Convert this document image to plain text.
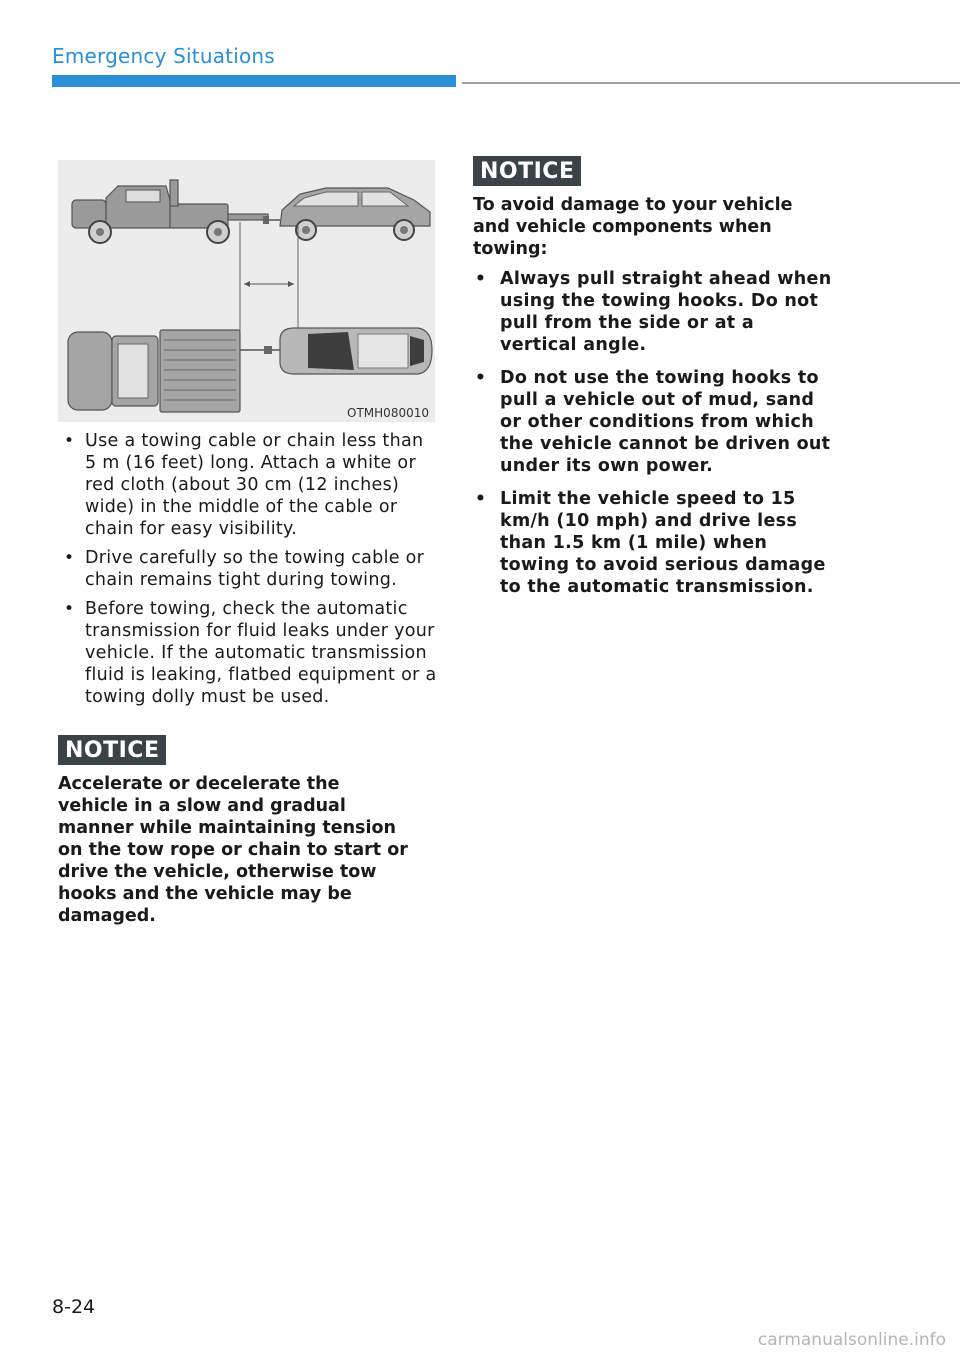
Emergency Situations
OTMH080010
• Use a towing cable or chain less than 5 m (16 feet) long. Attach a white or red cloth (about 30 cm (12 inches) wide) in the middle of the cable or chain for easy visibility.
• Drive carefully so the towing cable or chain remains tight during towing.
• Before towing, check the automatic transmission for fluid leaks under your vehicle. If the automatic transmission fluid is leaking, flatbed equipment or a towing dolly must be used.
NOTICE
Accelerate or decelerate the vehicle in a slow and gradual manner while maintaining tension on the tow rope or chain to start or drive the vehicle, otherwise tow hooks and the vehicle may be damaged.
NOTICE
To avoid damage to your vehicle and vehicle components when towing:
• Always pull straight ahead when using the towing hooks. Do not pull from the side or at a vertical angle.
• Do not use the towing hooks to pull a vehicle out of mud, sand or other conditions from which the vehicle cannot be driven out under its own power.
• Limit the vehicle speed to 15 km/h (10 mph) and drive less than 1.5 km (1 mile) when towing to avoid serious damage to the automatic transmission.
8-24
carmanualsonline.info
